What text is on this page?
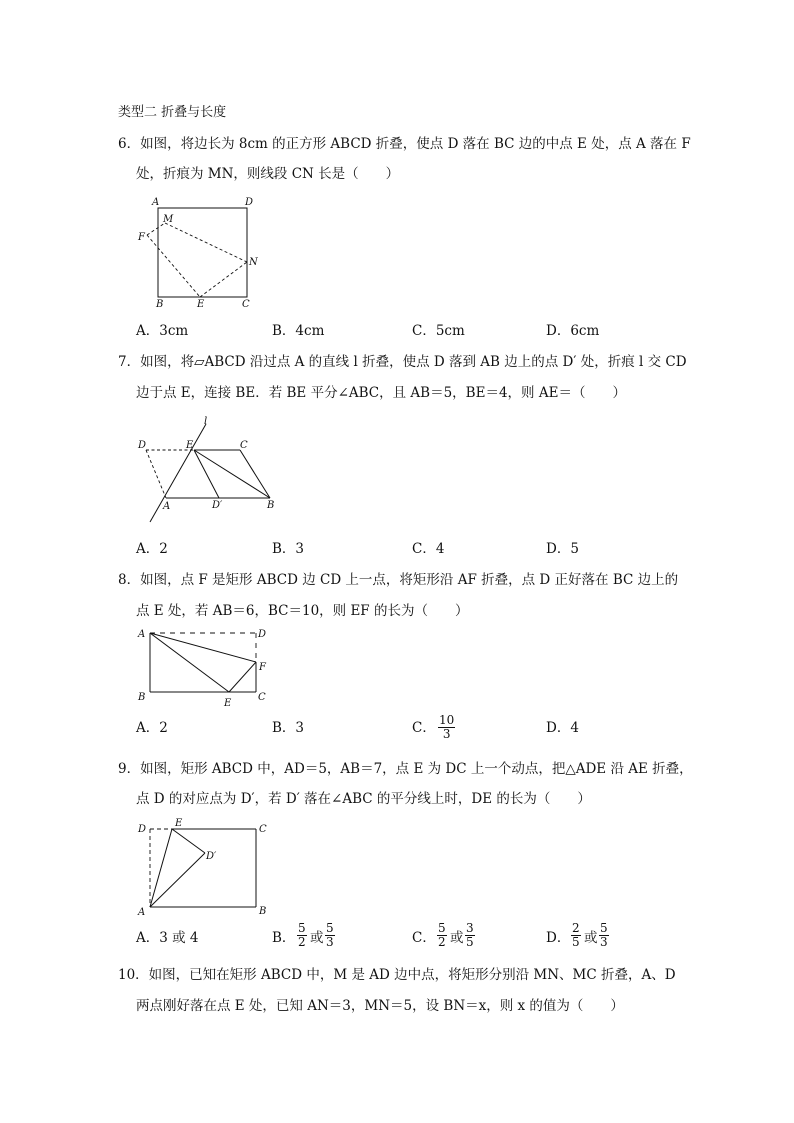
类型二 折叠与长度
6．如图，将边长为 8cm 的正方形 ABCD 折叠，使点 D 落在 BC 边的中点 E 处，点 A 落在 F
处，折痕为 MN，则线段 CN 长是（　　）
A	D
M
F
N
B	E	C
A．3cm	B．4cm	C．5cm	D．6cm
7．如图，将▱ABCD 沿过点 A 的直线 l 折叠，使点 D 落到 AB 边上的点 D′ 处，折痕 l 交 CD
边于点 E，连接 BE．若 BE 平分∠ABC，且 AB＝5，BE＝4，则 AE＝（　　）
l
D	E	C
A	D′	B
A．2	B．3	C．4	D．5
8．如图，点 F 是矩形 ABCD 边 CD 上一点，将矩形沿 AF 折叠，点 D 正好落在 BC 边上的
点 E 处，若 AB＝6，BC＝10，则 EF 的长为（　　）
A	D
F
B
E
C
A．2	B．3	C． $\frac{10}{3}$	D．4
9．如图，矩形 ABCD 中，AD＝5，AB＝7，点 E 为 DC 上一个动点，把△ADE 沿 AE 折叠，
点 D 的对应点为 D′，若 D′ 落在∠ABC 的平分线上时，DE 的长为（　　）
D
E
C
D′
A	B
A．3 或 4	B． $\frac{5}{2}$ 或 $\frac{5}{3}$	C． $\frac{5}{2}$ 或 $\frac{3}{5}$	D． $\frac{2}{5}$ 或 $\frac{5}{3}$
10．如图，已知在矩形 ABCD 中，M 是 AD 边中点，将矩形分别沿 MN、MC 折叠，A、D
两点刚好落在点 E 处，已知 AN＝3，MN＝5，设 BN＝x，则 x 的值为（　　）
